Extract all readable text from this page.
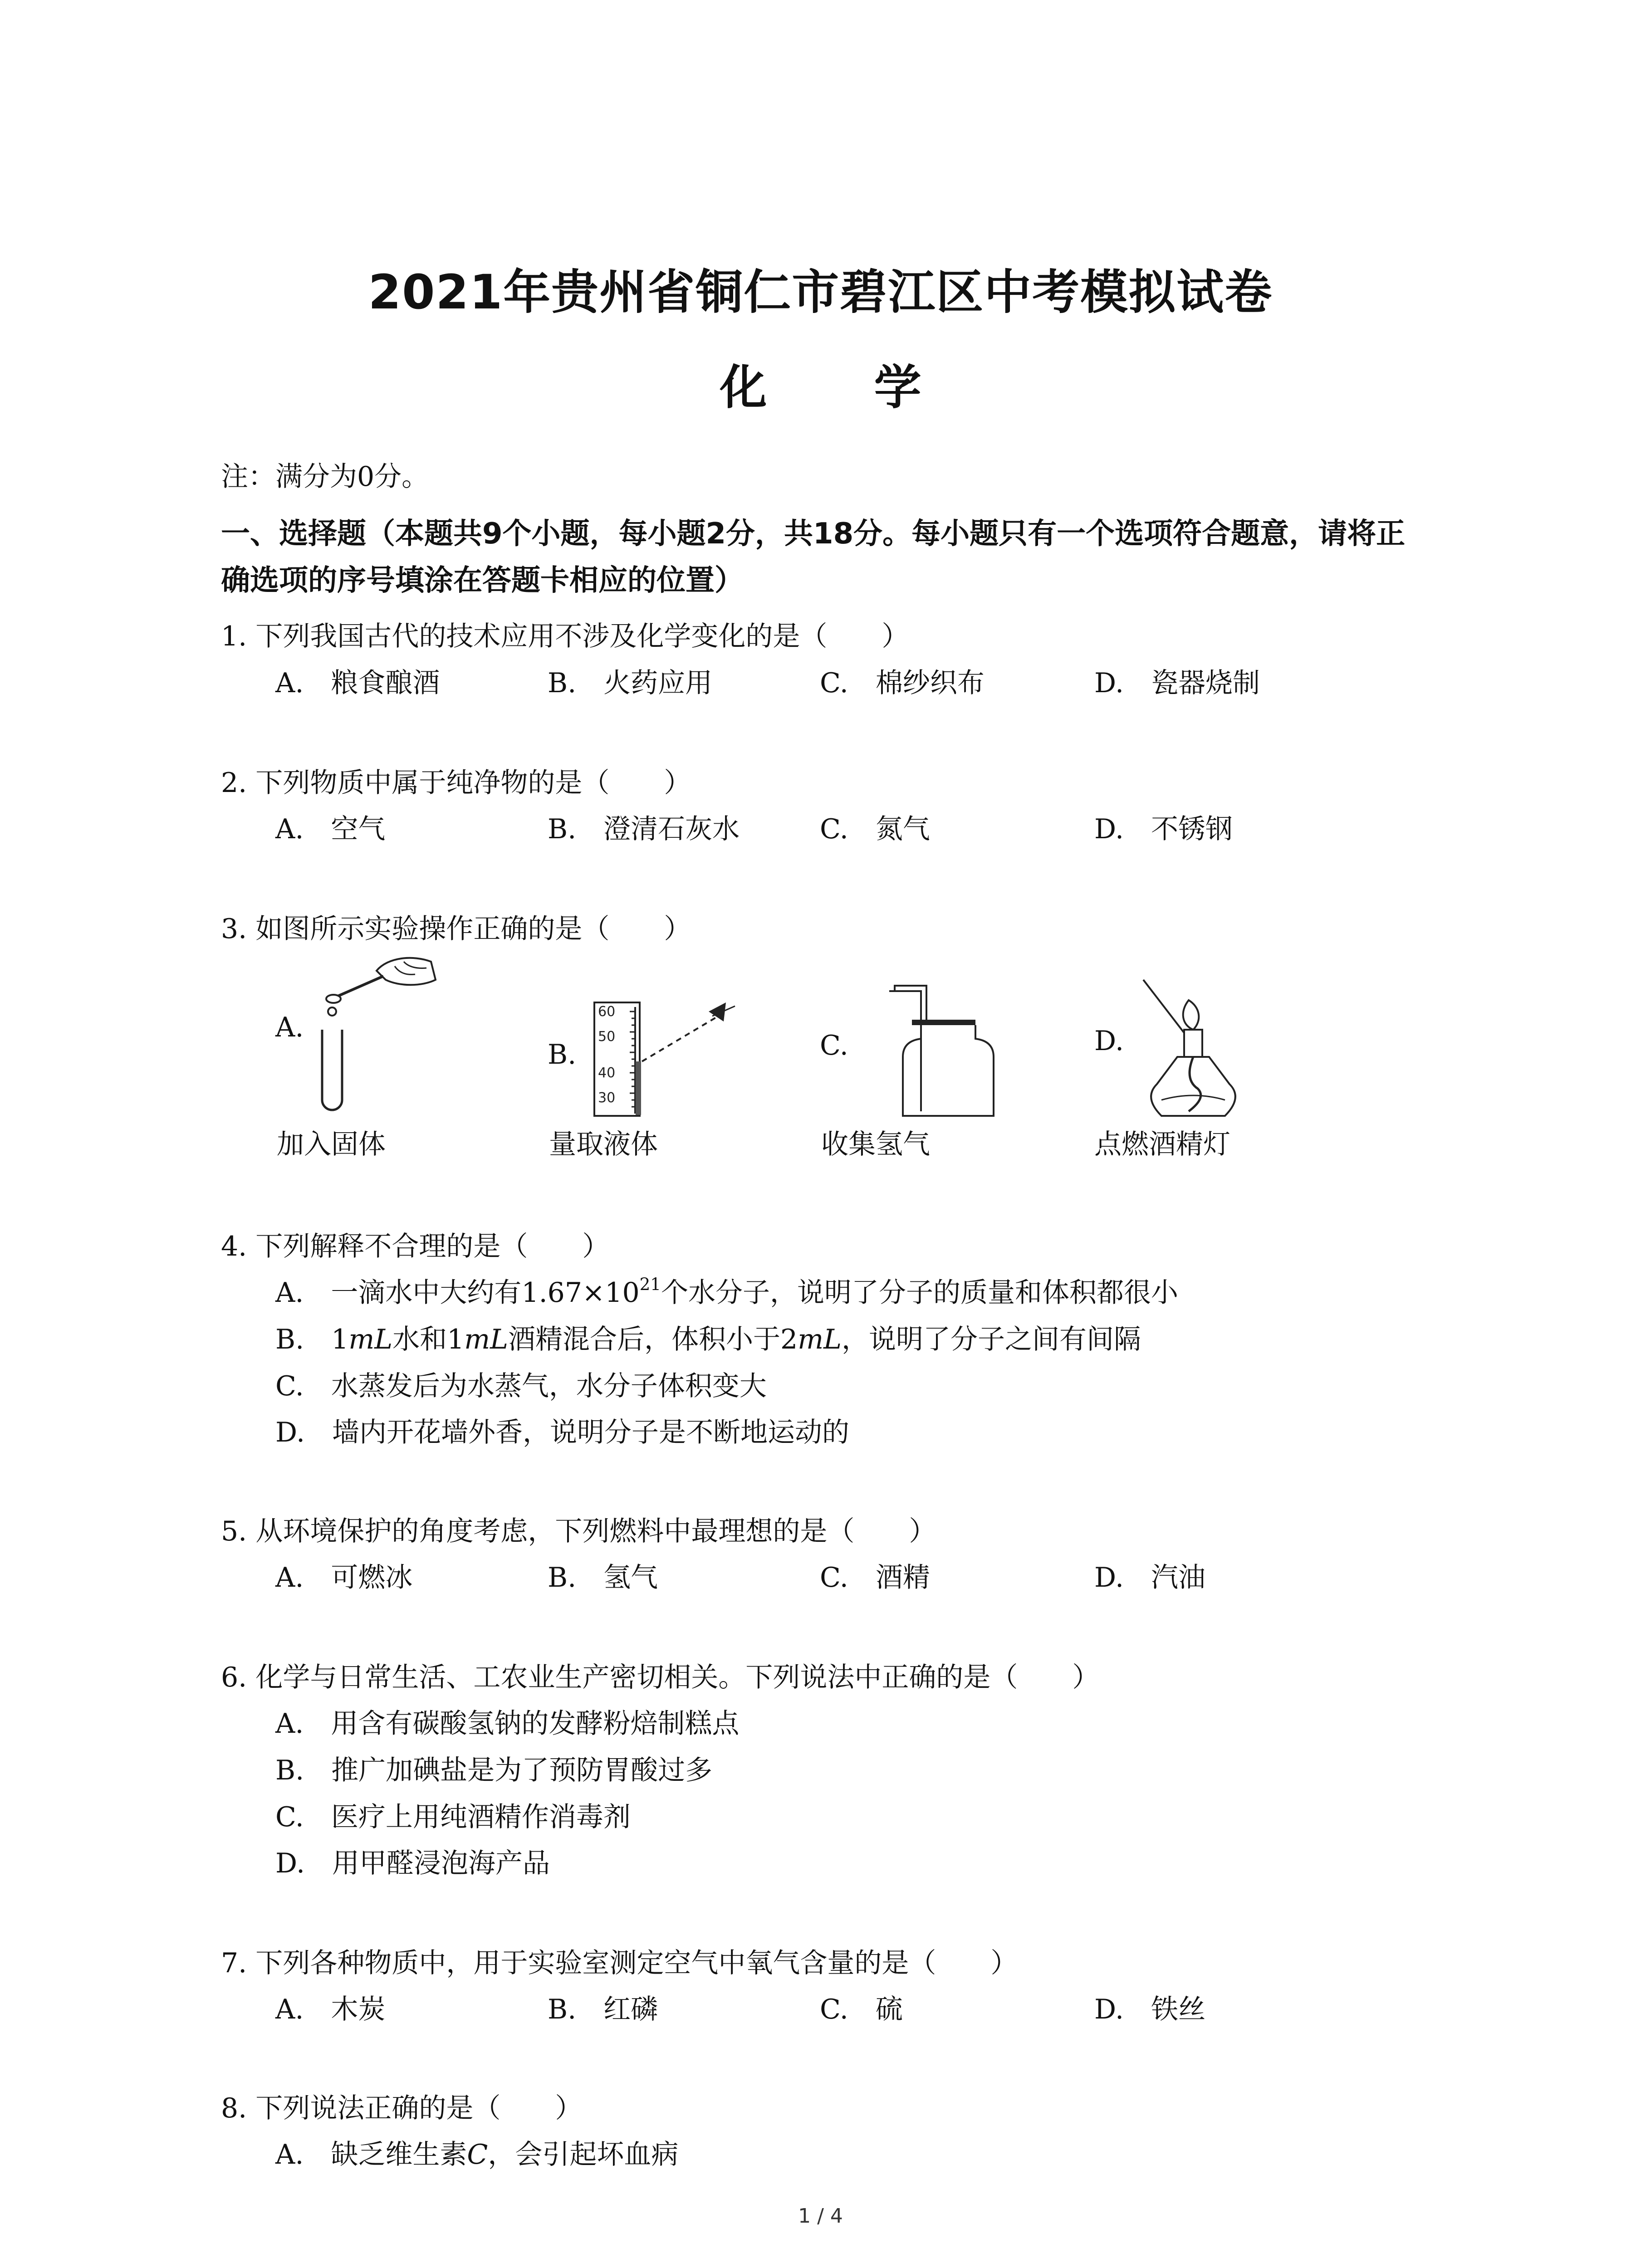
2021年贵州省铜仁市碧江区中考模拟试卷
化 学
注：满分为0分。
一、选择题（本题共9个小题，每小题2分，共18分。每小题只有一个选项符合题意，请将正
确选项的序号填涂在答题卡相应的位置）
1. 下列我国古代的技术应用不涉及化学变化的是（　　）
A.　粮食酿酒	B.　火药应用	C.　棉纱织布	D.　瓷器烧制
2. 下列物质中属于纯净物的是（　　）
A.　空气	B.　澄清石灰水	C.　氮气	D.　不锈钢
3. 如图所示实验操作正确的是（　　）
A.
B.	C.	D.
60
50
40
30
加入固体	量取液体	收集氢气	点燃酒精灯
4. 下列解释不合理的是（　　）
A.　一滴水中大约有$1.67\times 10^{21}$个水分子，说明了分子的质量和体积都很小
B.　1mL水和1mL酒精混合后，体积小于2mL，说明了分子之间有间隔
C.　水蒸发后为水蒸气，水分子体积变大
D.　墙内开花墙外香，说明分子是不断地运动的
5. 从环境保护的角度考虑，下列燃料中最理想的是（　　）
A.　可燃冰	B.　氢气	C.　酒精	D.　汽油
6. 化学与日常生活、工农业生产密切相关。下列说法中正确的是（　　）
A.　用含有碳酸氢钠的发酵粉焙制糕点
B.　推广加碘盐是为了预防胃酸过多
C.　医疗上用纯酒精作消毒剂
D.　用甲醛浸泡海产品
7. 下列各种物质中，用于实验室测定空气中氧气含量的是（　　）
A.　木炭	B.　红磷	C.　硫	D.　铁丝
8. 下列说法正确的是（　　）
A.　缺乏维生素C，会引起坏血病
1 / 4
